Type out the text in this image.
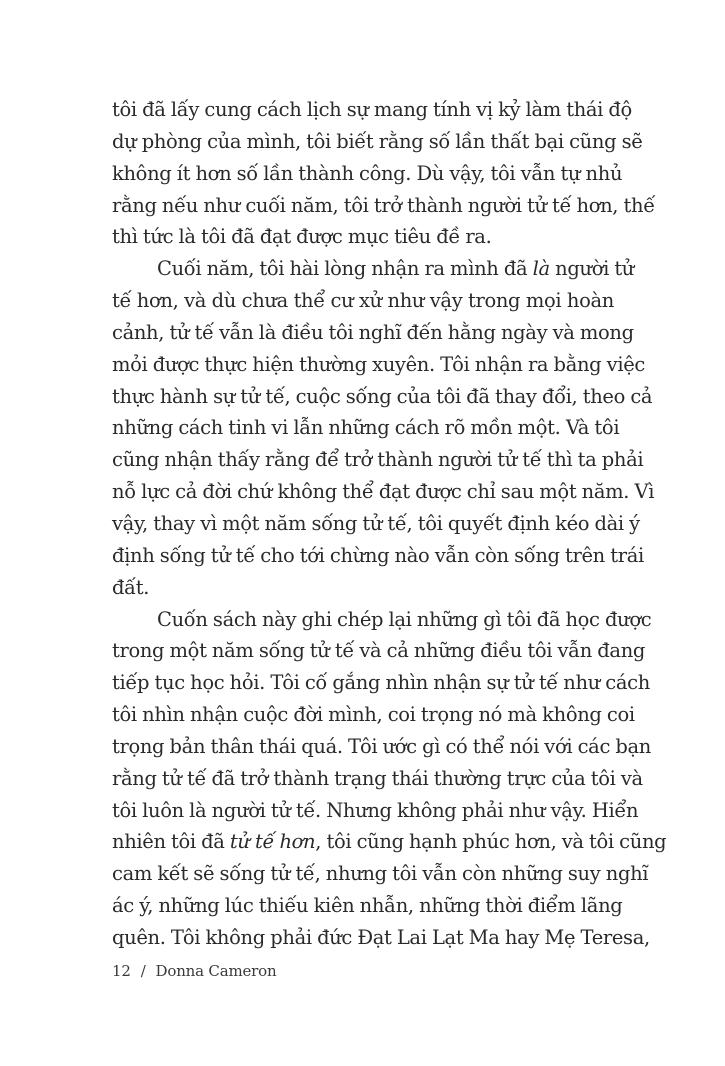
tôi đã lấy cung cách lịch sự mang tính vị kỷ làm thái độ
dự phòng của mình, tôi biết rằng số lần thất bại cũng sẽ
không ít hơn số lần thành công. Dù vậy, tôi vẫn tự nhủ
rằng nếu như cuối năm, tôi trở thành người tử tế hơn, thế
thì tức là tôi đã đạt được mục tiêu đề ra.
Cuối năm, tôi hài lòng nhận ra mình đã là người tử
tế hơn, và dù chưa thể cư xử như vậy trong mọi hoàn
cảnh, tử tế vẫn là điều tôi nghĩ đến hằng ngày và mong
mỏi được thực hiện thường xuyên. Tôi nhận ra bằng việc
thực hành sự tử tế, cuộc sống của tôi đã thay đổi, theo cả
những cách tinh vi lẫn những cách rõ mồn một. Và tôi
cũng nhận thấy rằng để trở thành người tử tế thì ta phải
nỗ lực cả đời chứ không thể đạt được chỉ sau một năm. Vì
vậy, thay vì một năm sống tử tế, tôi quyết định kéo dài ý
định sống tử tế cho tới chừng nào vẫn còn sống trên trái
đất.
Cuốn sách này ghi chép lại những gì tôi đã học được
trong một năm sống tử tế và cả những điều tôi vẫn đang
tiếp tục học hỏi. Tôi cố gắng nhìn nhận sự tử tế như cách
tôi nhìn nhận cuộc đời mình, coi trọng nó mà không coi
trọng bản thân thái quá. Tôi ước gì có thể nói với các bạn
rằng tử tế đã trở thành trạng thái thường trực của tôi và
tôi luôn là người tử tế. Nhưng không phải như vậy. Hiển
nhiên tôi đã tử tế hơn, tôi cũng hạnh phúc hơn, và tôi cũng
cam kết sẽ sống tử tế, nhưng tôi vẫn còn những suy nghĩ
ác ý, những lúc thiếu kiên nhẫn, những thời điểm lãng
quên. Tôi không phải đức Đạt Lai Lạt Ma hay Mẹ Teresa,
12 / Donna Cameron
